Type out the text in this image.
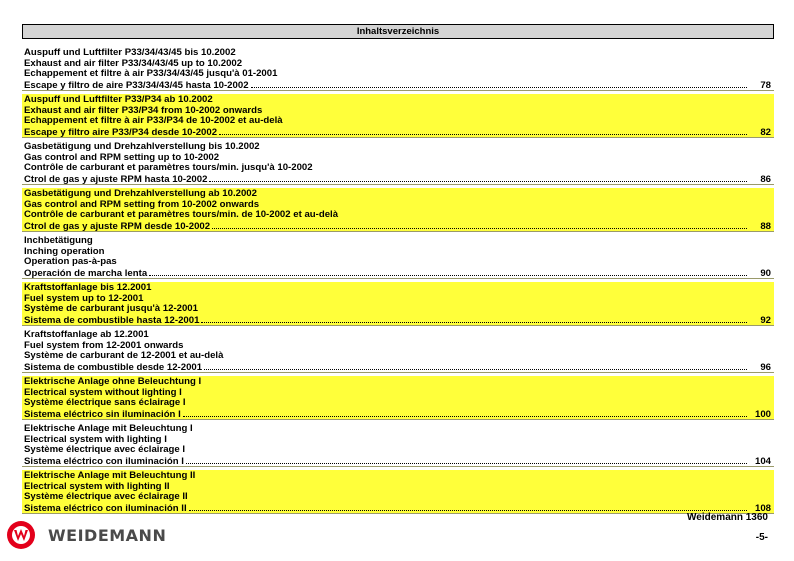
Inhaltsverzeichnis
Auspuff und Luftfilter P33/34/43/45 bis 10.2002
Exhaust and air filter P33/34/43/45 up to 10.2002
Echappement et filtre à air P33/34/43/45 jusqu'à 01-2001
Escape y filtro de aire P33/34/43/45 hasta 10-2002	78
Auspuff und Luftfilter P33/P34 ab 10.2002
Exhaust and air filter P33/P34 from 10-2002 onwards
Echappement et filtre à air P33/P34 de 10-2002 et au-delà
Escape y filtro aire P33/P34 desde 10-2002	82
Gasbetätigung und Drehzahlverstellung bis 10.2002
Gas control and RPM setting up to 10-2002
Contrôle de carburant et paramètres tours/min. jusqu'à 10-2002
Ctrol de gas y ajuste RPM hasta 10-2002	86
Gasbetätigung und Drehzahlverstellung ab 10.2002
Gas control and RPM setting from 10-2002 onwards
Contrôle de carburant et paramètres tours/min. de 10-2002 et au-delà
Ctrol de gas y ajuste RPM desde 10-2002	88
Inchbetätigung
Inching operation
Operation pas-à-pas
Operación de marcha lenta	90
Kraftstoffanlage bis 12.2001
Fuel system up to 12-2001
Système de carburant jusqu'à 12-2001
Sistema de combustible hasta 12-2001	92
Kraftstoffanlage ab 12.2001
Fuel system from 12-2001 onwards
Système de carburant de 12-2001 et au-delà
Sistema de combustible desde 12-2001	96
Elektrische Anlage ohne Beleuchtung I
Electrical system without lighting I
Système électrique sans éclairage I
Sistema eléctrico sin iluminación I	100
Elektrische Anlage mit Beleuchtung I
Electrical system with lighting I
Système électrique avec éclairage I
Sistema eléctrico con iluminación I	104
Elektrische Anlage mit Beleuchtung II
Electrical system with lighting II
Système électrique avec éclairage II
Sistema eléctrico con iluminación II	108
WEIDEMANN
Weidemann 1360
-5-
